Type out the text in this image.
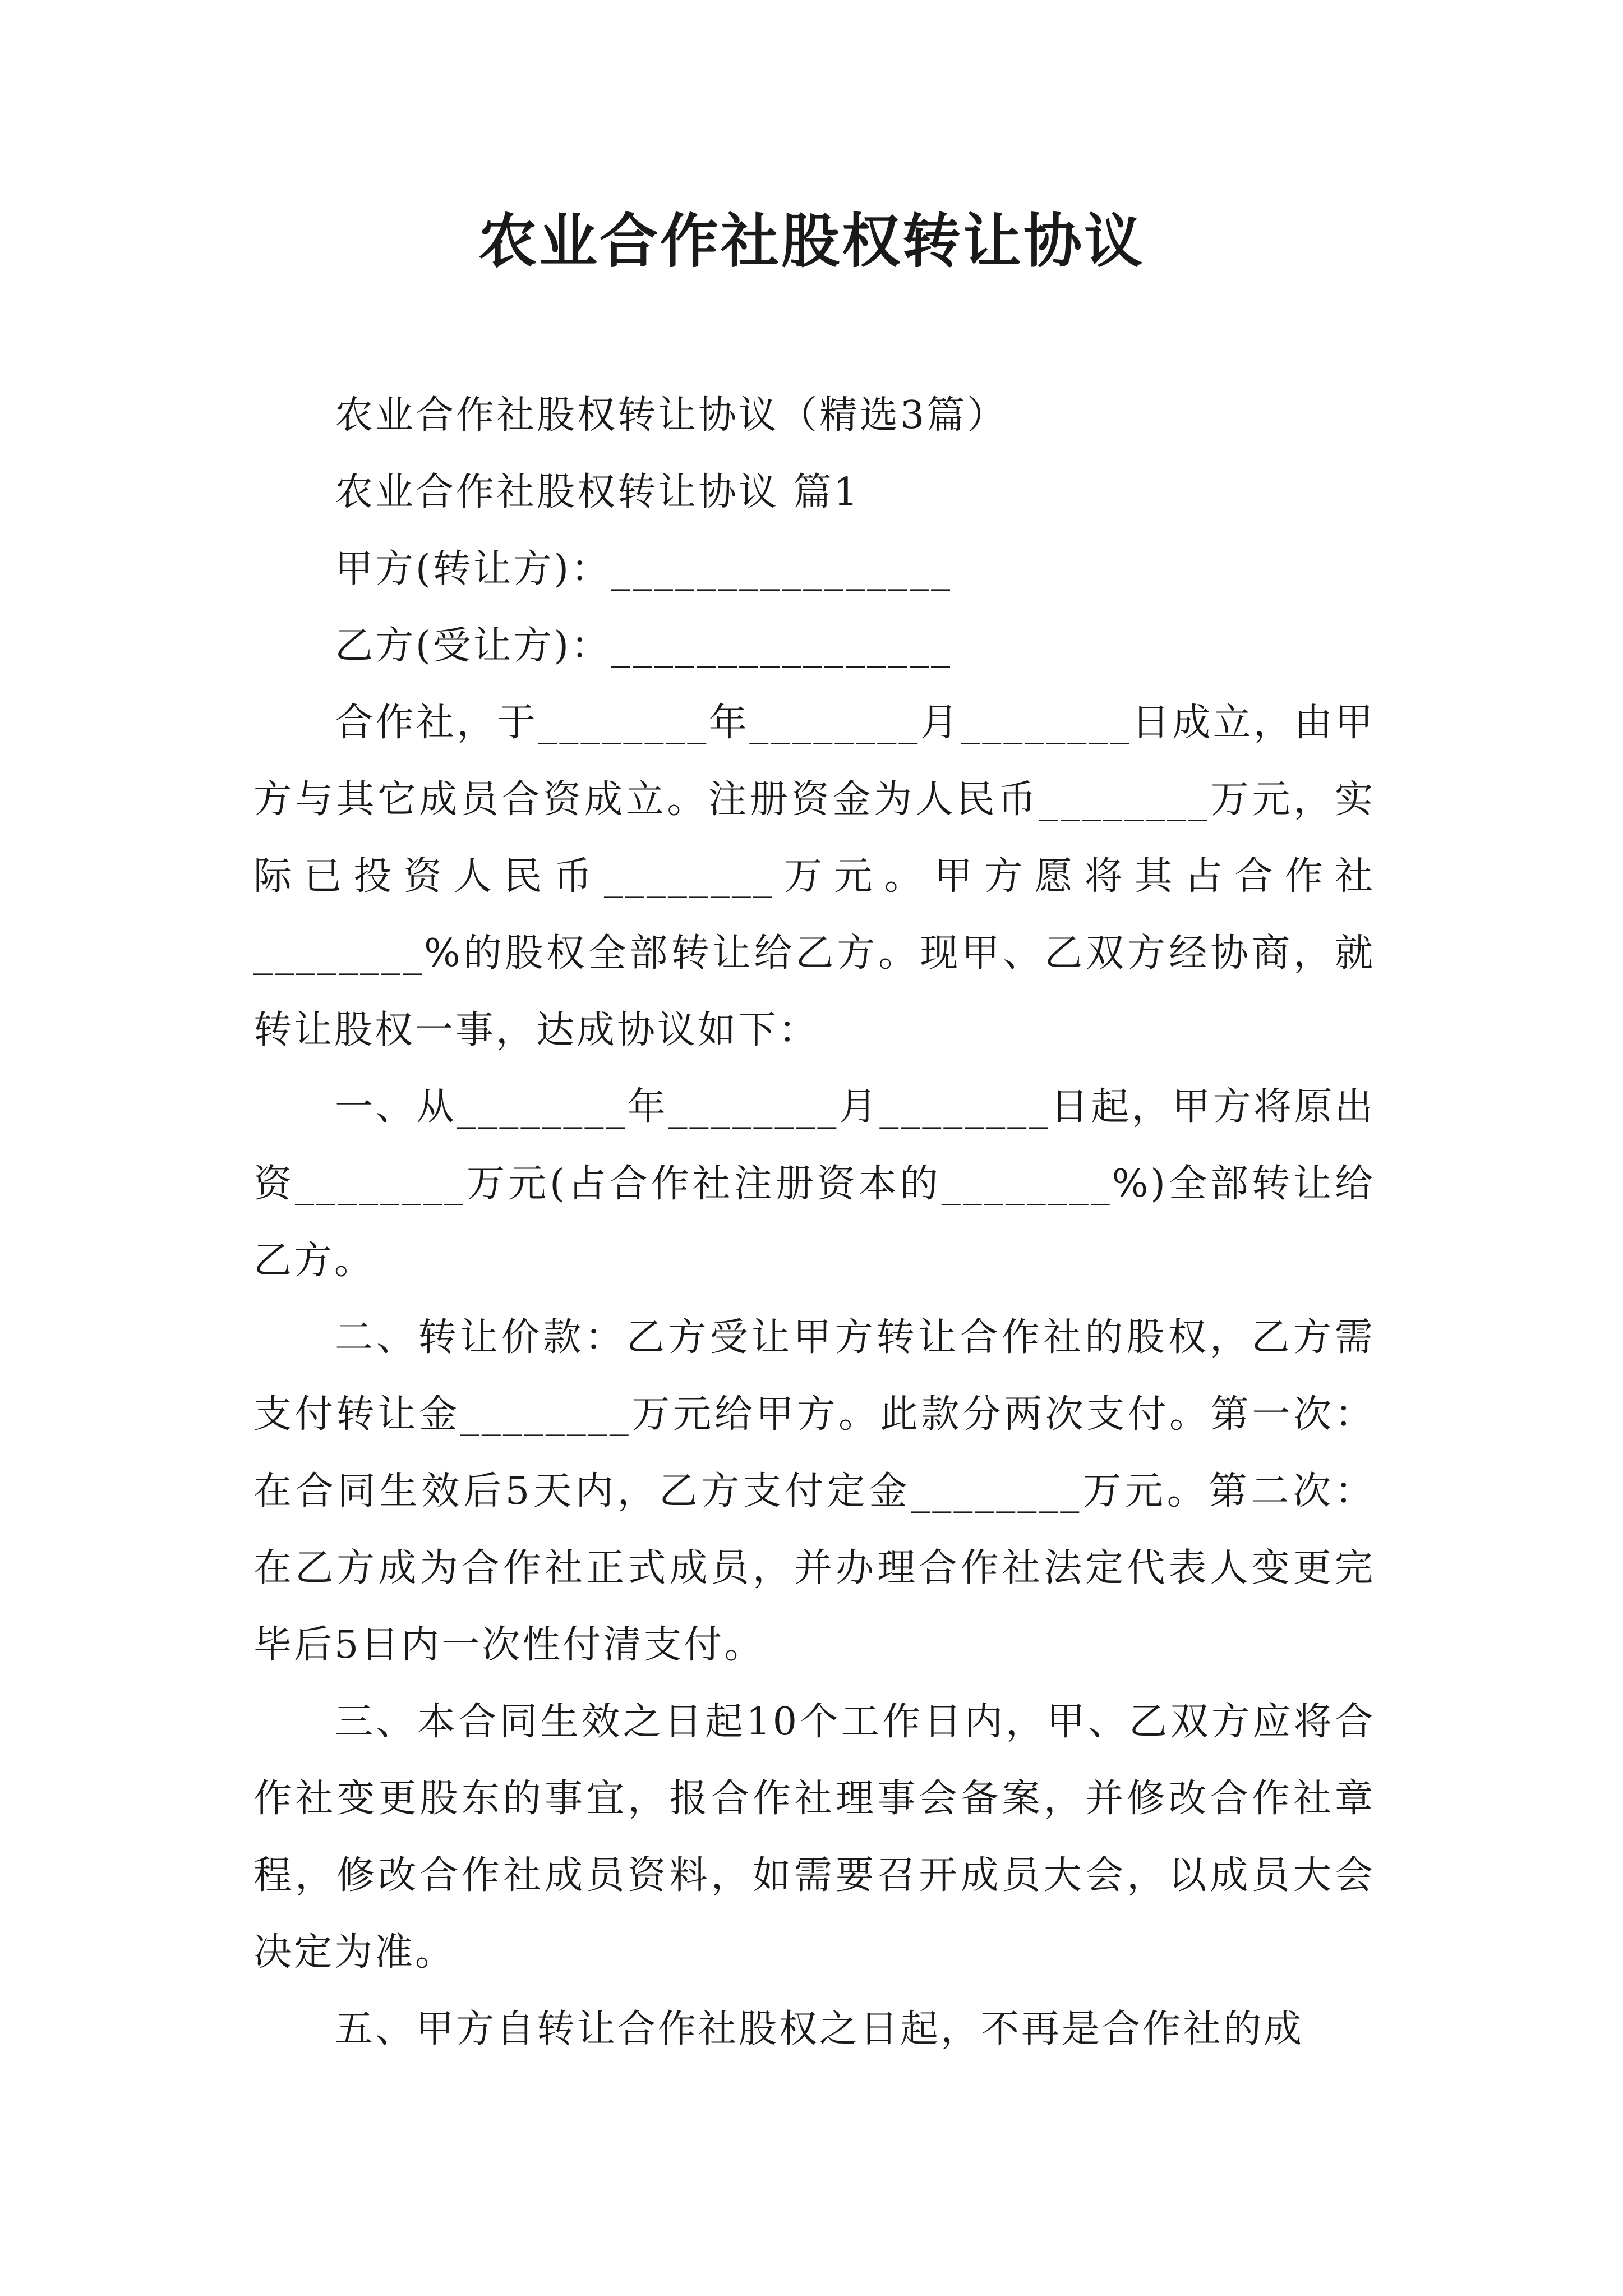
农业合作社股权转让协议

农业合作社股权转让协议（精选3篇）

农业合作社股权转让协议 篇1

甲方(转让方)：________________

乙方(受让方)：________________

合作社，于________年________月________日成立，由甲方与其它成员合资成立。注册资金为人民币________万元，实际已投资人民币________万元。甲方愿将其占合作社________%的股权全部转让给乙方。现甲、乙双方经协商，就转让股权一事，达成协议如下：

一、从________年________月________日起，甲方将原出资________万元(占合作社注册资本的________%)全部转让给乙方。

二、转让价款：乙方受让甲方转让合作社的股权，乙方需支付转让金________万元给甲方。此款分两次支付。第一次：在合同生效后5天内，乙方支付定金________万元。第二次：在乙方成为合作社正式成员，并办理合作社法定代表人变更完毕后5日内一次性付清支付。

三、本合同生效之日起10个工作日内，甲、乙双方应将合作社变更股东的事宜，报合作社理事会备案，并修改合作社章程，修改合作社成员资料，如需要召开成员大会，以成员大会决定为准。

五、甲方自转让合作社股权之日起，不再是合作社的成
